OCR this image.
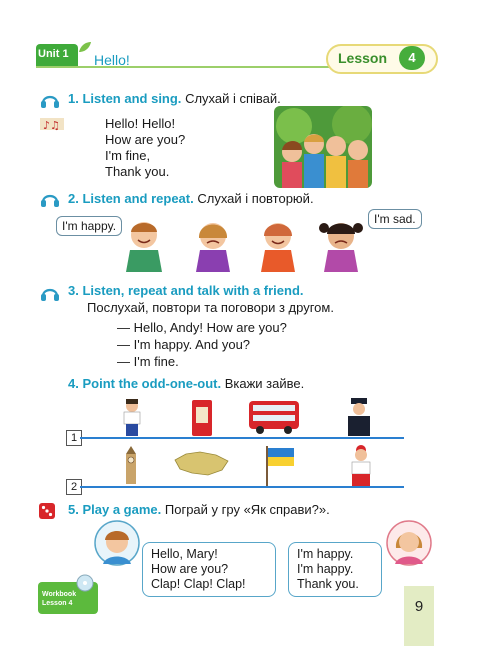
Unit 1 Hello!	Lesson	4
1. Listen and sing. Слухай і співай.
♪♫	Hello! Hello!
How are you?
I'm fine,
Thank you.
2. Listen and repeat. Слухай і повторюй.
I'm happy.	I'm sad.
3. Listen, repeat and talk with a friend.
Послухай, повтори та поговори з другом.
— Hello, Andy! How are you?
— I'm happy. And you?
— I'm fine.
4. Point the odd-one-out. Вкажи зайве.
1
2
5. Play a game. Пограй у гру «Як справи?».
Hello, Mary!
How are you?
Clap! Clap! Clap!
I'm happy.
I'm happy.
Thank you.
Workbook
Lesson 4	9
